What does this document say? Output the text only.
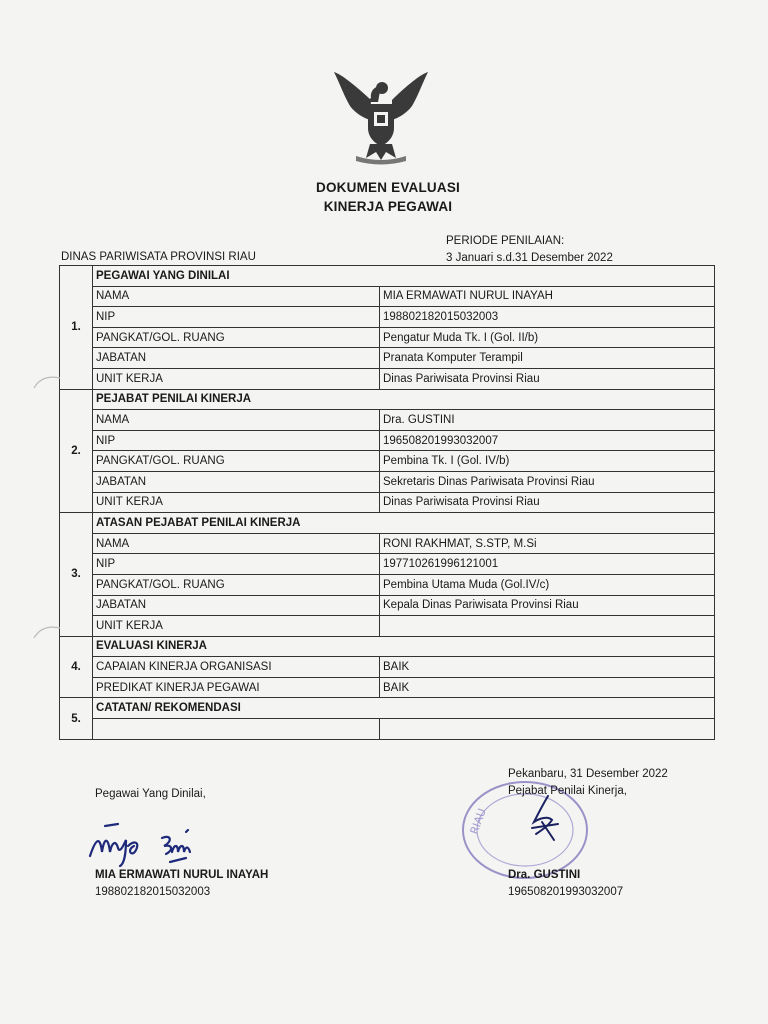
DOKUMEN EVALUASI
KINERJA PEGAWAI
PERIODE PENILAIAN:
3 Januari s.d.31 Desember 2022
DINAS PARIWISATA PROVINSI RIAU
1.	PEGAWAI YANG DINILAI	
	NAMA	MIA ERMAWATI NURUL INAYAH
	NIP	198802182015032003
	PANGKAT/GOL. RUANG	Pengatur Muda Tk. I (Gol. II/b)
	JABATAN	Pranata Komputer Terampil
	UNIT KERJA	Dinas Pariwisata Provinsi Riau
2.	PEJABAT PENILAI KINERJA	
	NAMA	Dra. GUSTINI
	NIP	196508201993032007
	PANGKAT/GOL. RUANG	Pembina Tk. I (Gol. IV/b)
	JABATAN	Sekretaris Dinas Pariwisata Provinsi Riau
	UNIT KERJA	Dinas Pariwisata Provinsi Riau
3.	ATASAN PEJABAT PENILAI KINERJA	
	NAMA	RONI RAKHMAT, S.STP, M.Si
	NIP	197710261996121001
	PANGKAT/GOL. RUANG	Pembina Utama Muda (Gol.IV/c)
	JABATAN	Kepala Dinas Pariwisata Provinsi Riau
	UNIT KERJA	
4.	EVALUASI KINERJA	
	CAPAIAN KINERJA ORGANISASI	BAIK
	PREDIKAT KINERJA PEGAWAI	BAIK
5.	CATATAN/ REKOMENDASI	

Pegawai Yang Dinilai,
MIA ERMAWATI NURUL INAYAH
198802182015032003
RIAU
Pekanbaru, 31 Desember 2022
Pejabat Penilai Kinerja,
Dra. GUSTINI
196508201993032007
